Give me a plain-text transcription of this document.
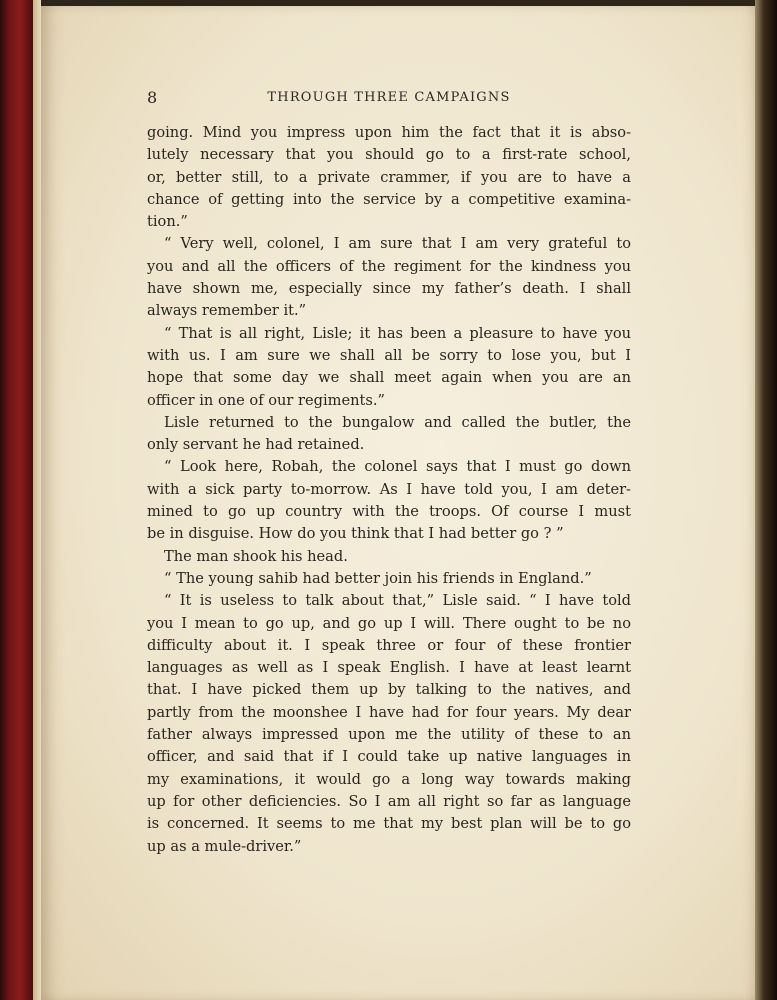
8	THROUGH THREE CAMPAIGNS
going. Mind you impress upon him the fact that it is abso-
lutely necessary that you should go to a first-rate school,
or, better still, to a private crammer, if you are to have a
chance of getting into the service by a competitive examina-
tion.”
“ Very well, colonel, I am sure that I am very grateful to
you and all the officers of the regiment for the kindness you
have shown me, especially since my father’s death. I shall
always remember it.”
“ That is all right, Lisle; it has been a pleasure to have you
with us. I am sure we shall all be sorry to lose you, but I
hope that some day we shall meet again when you are an
officer in one of our regiments.”
Lisle returned to the bungalow and called the butler, the
only servant he had retained.
“ Look here, Robah, the colonel says that I must go down
with a sick party to-morrow. As I have told you, I am deter-
mined to go up country with the troops. Of course I must
be in disguise. How do you think that I had better go ? ”
The man shook his head.
“ The young sahib had better join his friends in England.”
“ It is useless to talk about that,” Lisle said. “ I have told
you I mean to go up, and go up I will. There ought to be no
difficulty about it. I speak three or four of these frontier
languages as well as I speak English. I have at least learnt
that. I have picked them up by talking to the natives, and
partly from the moonshee I have had for four years. My dear
father always impressed upon me the utility of these to an
officer, and said that if I could take up native languages in
my examinations, it would go a long way towards making
up for other deficiencies. So I am all right so far as language
is concerned. It seems to me that my best plan will be to go
up as a mule-driver.”
